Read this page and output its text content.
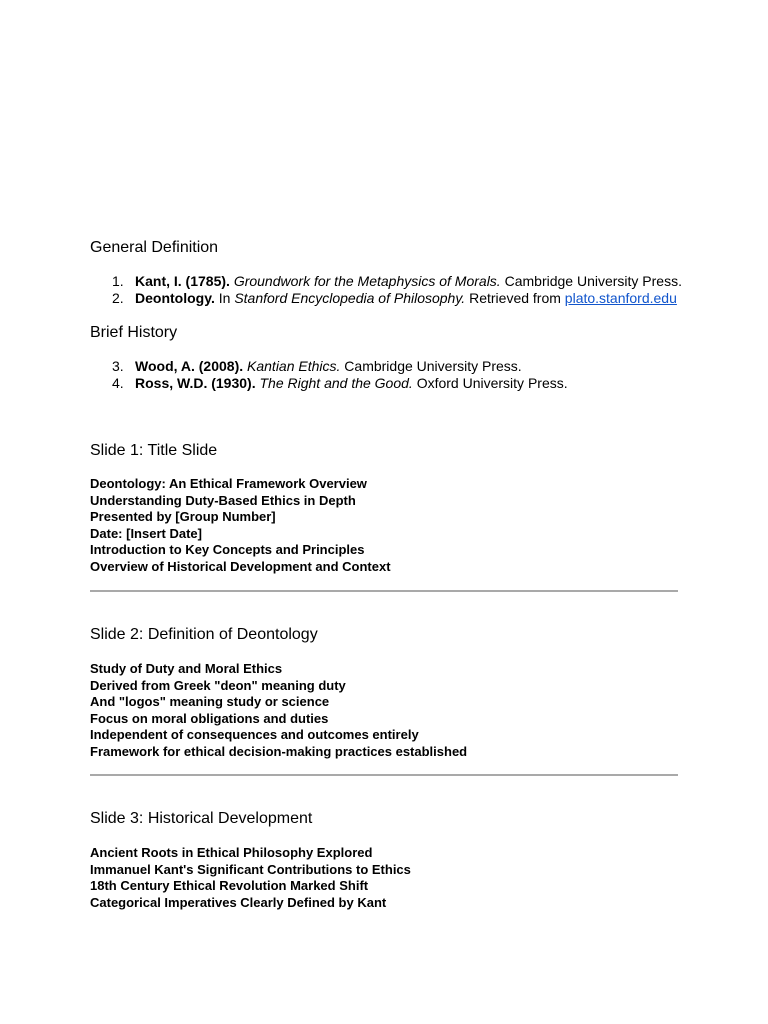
General Definition
1. Kant, I. (1785). Groundwork for the Metaphysics of Morals. Cambridge University Press.
2. Deontology. In Stanford Encyclopedia of Philosophy. Retrieved from plato.stanford.edu
Brief History
3. Wood, A. (2008). Kantian Ethics. Cambridge University Press.
4. Ross, W.D. (1930). The Right and the Good. Oxford University Press.
Slide 1: Title Slide
Deontology: An Ethical Framework Overview
Understanding Duty-Based Ethics in Depth
Presented by [Group Number]
Date: [Insert Date]
Introduction to Key Concepts and Principles
Overview of Historical Development and Context
Slide 2: Definition of Deontology
Study of Duty and Moral Ethics
Derived from Greek "deon" meaning duty
And "logos" meaning study or science
Focus on moral obligations and duties
Independent of consequences and outcomes entirely
Framework for ethical decision-making practices established
Slide 3: Historical Development
Ancient Roots in Ethical Philosophy Explored
Immanuel Kant's Significant Contributions to Ethics
18th Century Ethical Revolution Marked Shift
Categorical Imperatives Clearly Defined by Kant
